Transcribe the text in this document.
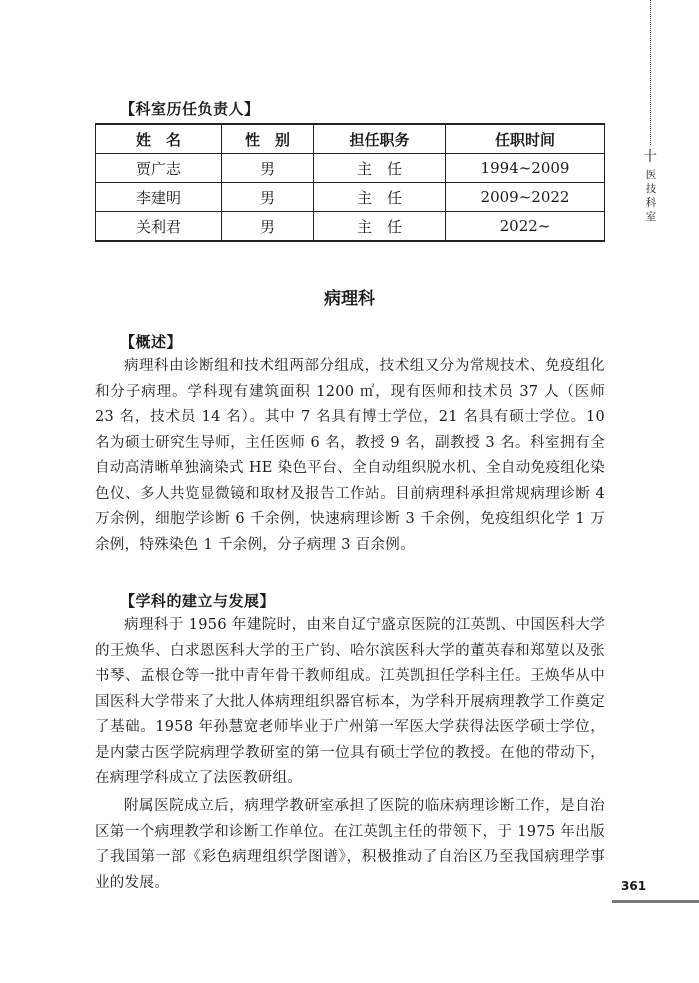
十
医技科室
【科室历任负责人】
姓　名	性　别	担任职务	任职时间
贾广志	男	主　任	1994~2009
李建明	男	主　任	2009~2022
关利君	男	主　任	2022~
病理科
【概述】

病理科由诊断组和技术组两部分组成，技术组又分为常规技术、免疫组化和分子病理。学科现有建筑面积 1200 ㎡，现有医师和技术员 37 人（医师 23 名，技术员 14 名）。其中 7 名具有博士学位，21 名具有硕士学位。10 名为硕士研究生导师，主任医师 6 名，教授 9 名，副教授 3 名。科室拥有全自动高清晰单独滴染式 HE 染色平台、全自动组织脱水机、全自动免疫组化染色仪、多人共览显微镜和取材及报告工作站。目前病理科承担常规病理诊断 4 万余例，细胞学诊断 6 千余例，快速病理诊断 3 千余例，免疫组织化学 1 万余例，特殊染色 1 千余例，分子病理 3 百余例。

【学科的建立与发展】

病理科于 1956 年建院时，由来自辽宁盛京医院的江英凯、中国医科大学的王焕华、白求恩医科大学的王广钧、哈尔滨医科大学的董英春和郑堃以及张书琴、孟根仓等一批中青年骨干教师组成。江英凯担任学科主任。王焕华从中国医科大学带来了大批人体病理组织器官标本，为学科开展病理教学工作奠定了基础。1958 年孙慧宽老师毕业于广州第一军医大学获得法医学硕士学位，是内蒙古医学院病理学教研室的第一位具有硕士学位的教授。在他的带动下，在病理学科成立了法医教研组。

附属医院成立后，病理学教研室承担了医院的临床病理诊断工作，是自治区第一个病理教学和诊断工作单位。在江英凯主任的带领下，于 1975 年出版了我国第一部《彩色病理组织学图谱》，积极推动了自治区乃至我国病理学事业的发展。	361
